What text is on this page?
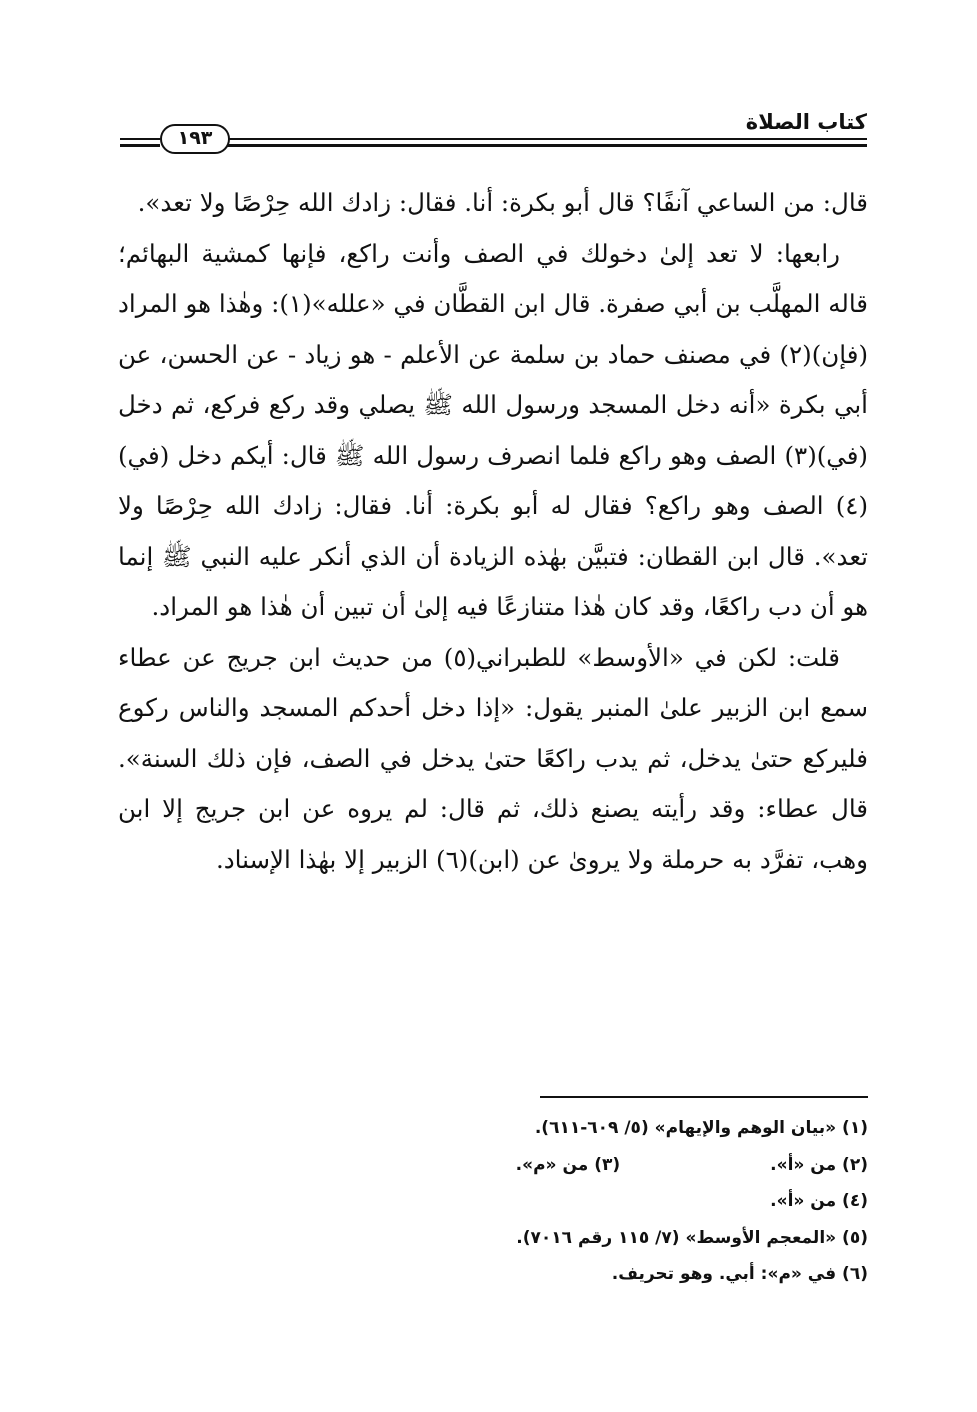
كتاب الصلاة
١٩٣

قال: من الساعي آنفًا؟ قال أبو بكرة: أنا. فقال: زادك الله حِرْصًا ولا تعد».

رابعها: لا تعد إلىٰ دخولك في الصف وأنت راكع، فإنها كمشية البهائم؛ قاله المهلَّب بن أبي صفرة. قال ابن القطَّان في «علله»(١): وهٰذا هو المراد (فإن)(٢) في مصنف حماد بن سلمة عن الأعلم - هو زياد - عن الحسن، عن أبي بكرة «أنه دخل المسجد ورسول الله ﷺ يصلي وقد ركع فركع، ثم دخل (في)(٣) الصف وهو راكع فلما انصرف رسول الله ﷺ قال: أيكم دخل (في)(٤) الصف وهو راكع؟ فقال له أبو بكرة: أنا. فقال: زادك الله حِرْصًا ولا تعد». قال ابن القطان: فتبيَّن بهٰذه الزيادة أن الذي أنكر عليه النبي ﷺ إنما هو أن دب راكعًا، وقد كان هٰذا متنازعًا فيه إلىٰ أن تبين أن هٰذا هو المراد.

قلت: لكن في «الأوسط» للطبراني(٥) من حديث ابن جريج عن عطاء سمع ابن الزبير علىٰ المنبر يقول: «إذا دخل أحدكم المسجد والناس ركوع فليركع حتىٰ يدخل، ثم يدب راكعًا حتىٰ يدخل في الصف، فإن ذلك السنة». قال عطاء: وقد رأيته يصنع ذلك، ثم قال: لم يروه عن ابن جريج إلا ابن وهب، تفرَّد به حرملة ولا يروىٰ عن (ابن)(٦) الزبير إلا بهٰذا الإسناد.

(١) «بيان الوهم والإيهام» (٥/ ٦٠٩-٦١١).
(٢) من «أ».(٣) من «م».
(٤) من «أ».
(٥) «المعجم الأوسط» (٧/ ١١٥ رقم ٧٠١٦).
(٦) في «م»: أبي. وهو تحريف.
